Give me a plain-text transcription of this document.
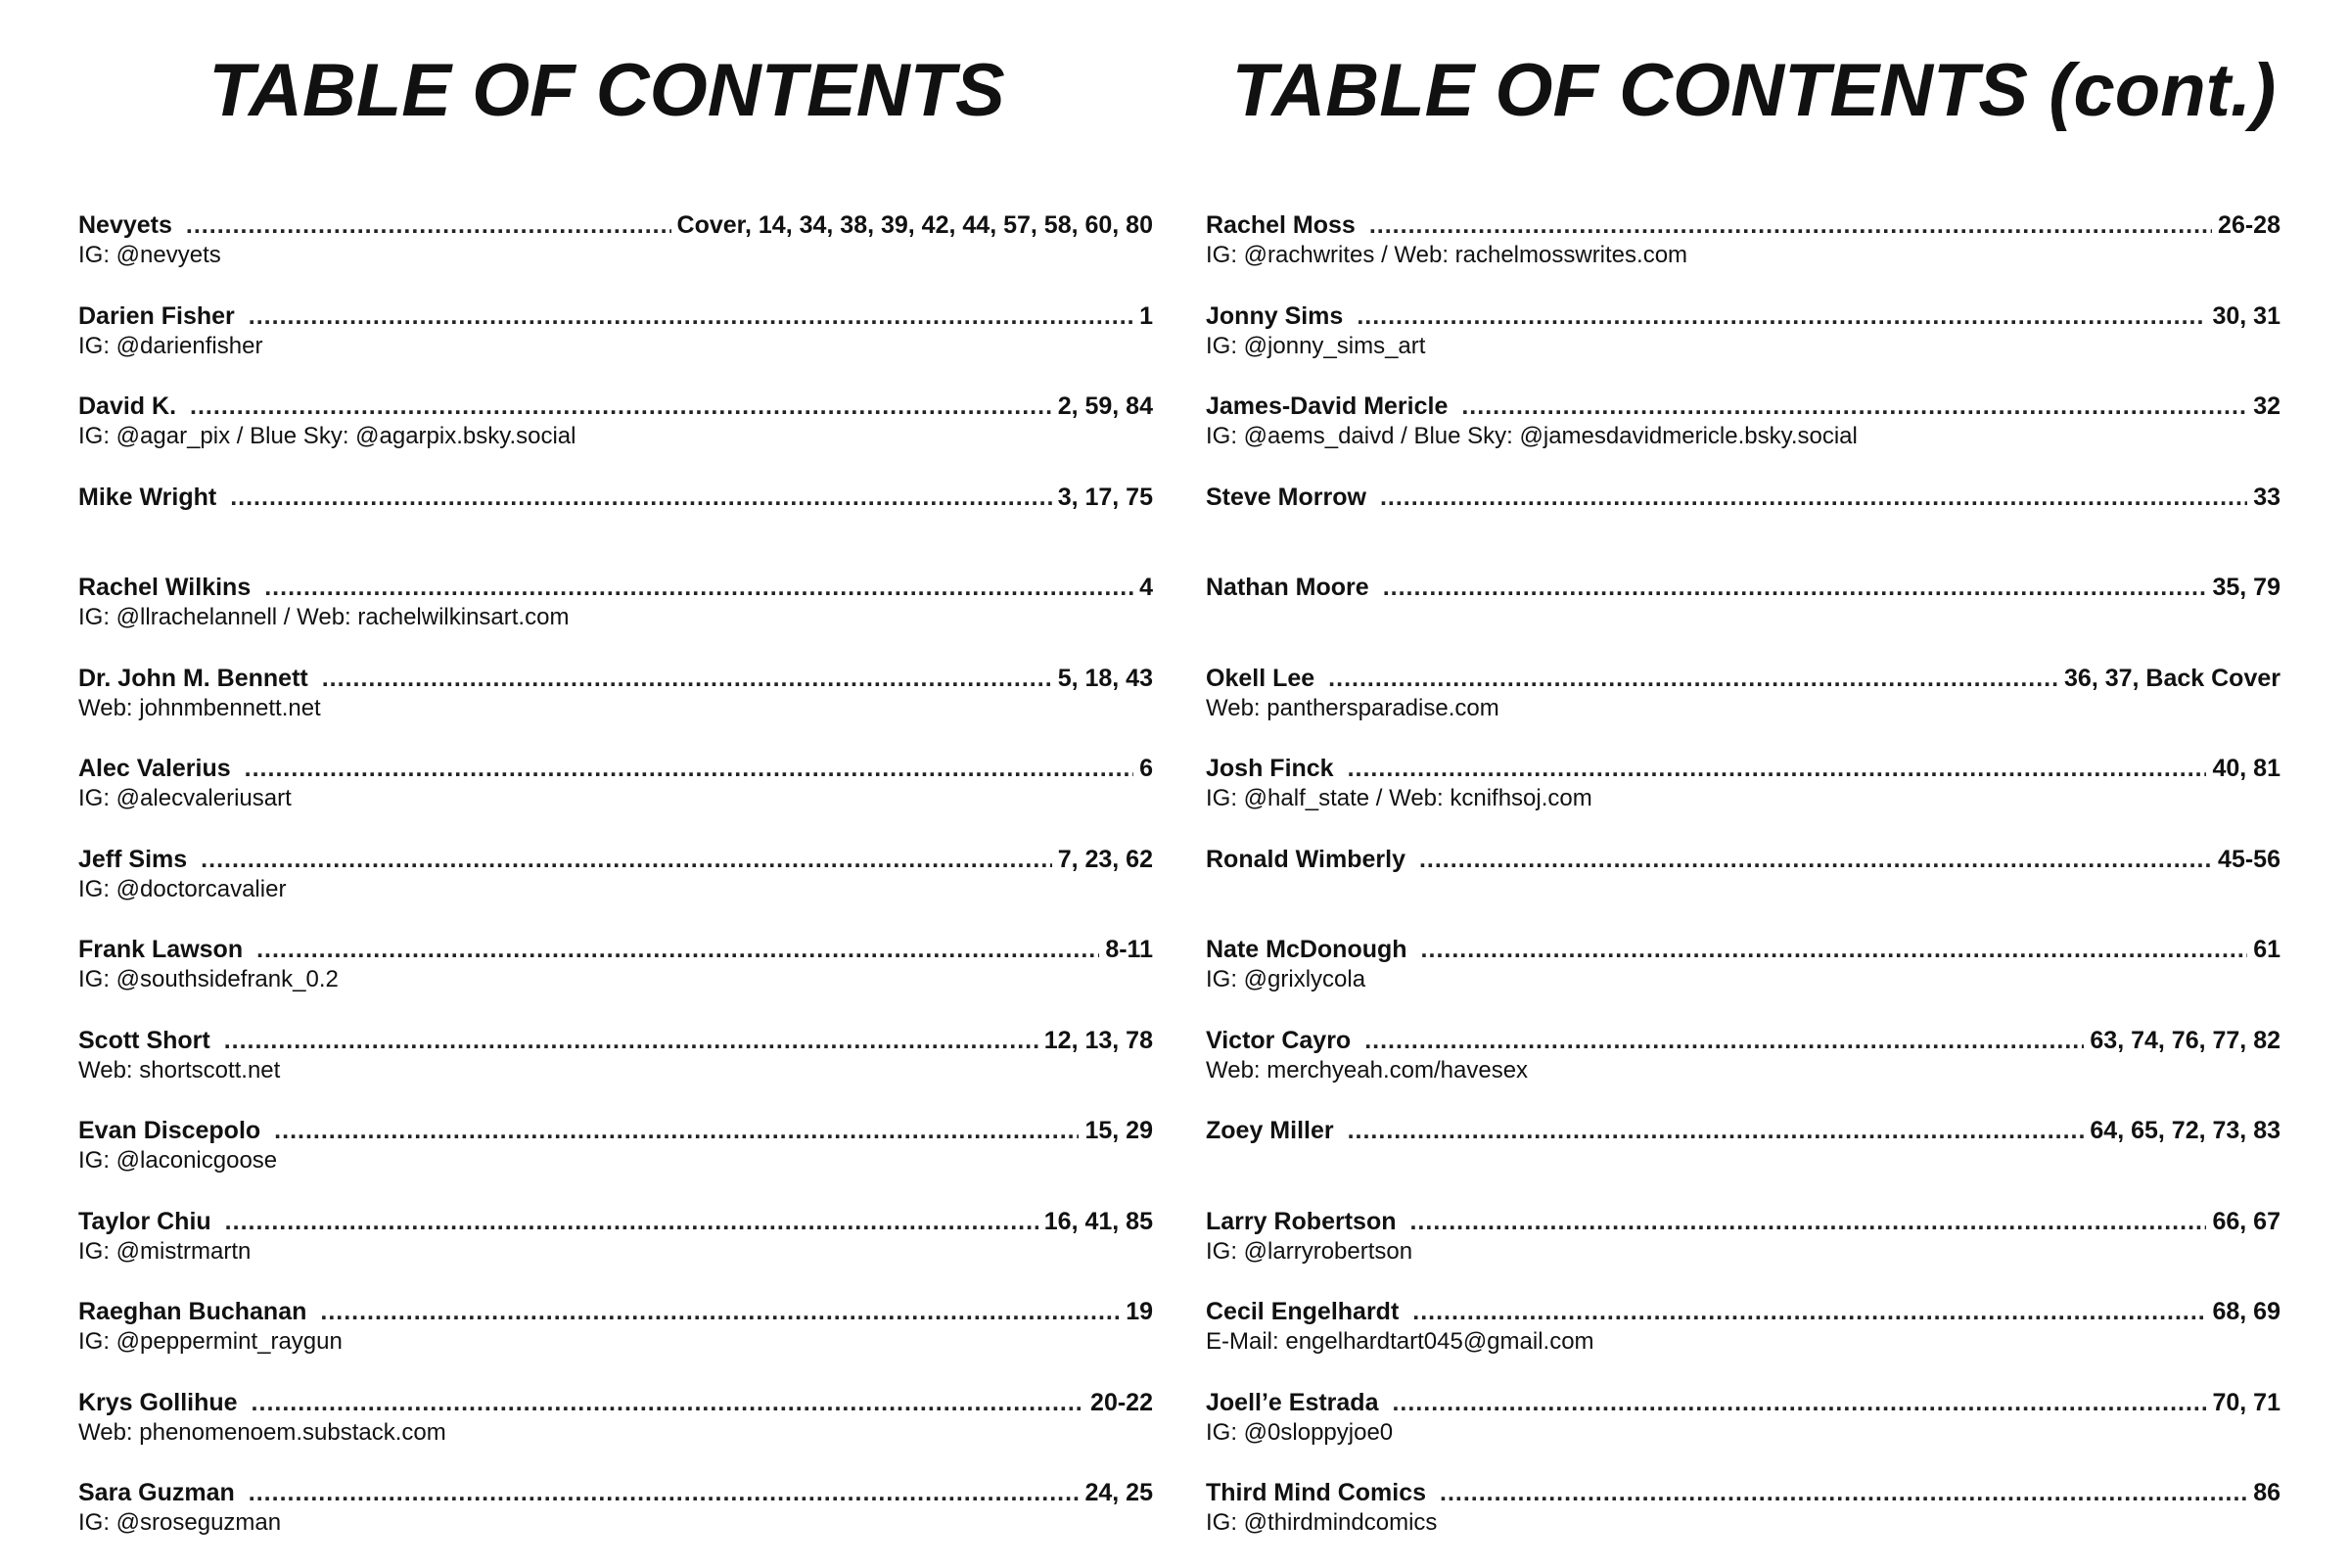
TABLE OF CONTENTS
Nevyets .....	Cover, 14, 34, 38, 39, 42, 44, 57, 58, 60, 80
IG: @nevyets
Darien Fisher .....	1
IG: @darienfisher
David K. .....	2, 59, 84
IG: @agar_pix / Blue Sky: @agarpix.bsky.social
Mike Wright .....	3, 17, 75
Rachel Wilkins .....	4
IG: @llrachelannell / Web: rachelwilkinsart.com
Dr. John M. Bennett .....	5, 18, 43
Web: johnmbennett.net
Alec Valerius .....	6
IG: @alecvaleriusart
Jeff Sims .....	7, 23, 62
IG: @doctorcavalier
Frank Lawson .....	8-11
IG: @southsidefrank_0.2
Scott Short .....	12, 13, 78
Web: shortscott.net
Evan Discepolo .....	15, 29
IG: @laconicgoose
Taylor Chiu .....	16, 41, 85
IG: @mistrmartn
Raeghan Buchanan .....	19
IG: @peppermint_raygun
Krys Gollihue .....	20-22
Web: phenomenoem.substack.com
Sara Guzman .....	24, 25
IG: @sroseguzman
TABLE OF CONTENTS (cont.)
Rachel Moss .....	26-28
IG: @rachwrites / Web: rachelmosswrites.com
Jonny Sims .....	30, 31
IG: @jonny_sims_art
James-David Mericle .....	32
IG: @aems_daivd / Blue Sky: @jamesdavidmericle.bsky.social
Steve Morrow .....	33
Nathan Moore .....	35, 79
Okell Lee .....	36, 37, Back Cover
Web: panthersparadise.com
Josh Finck .....	40, 81
IG: @half_state / Web: kcnifhsoj.com
Ronald Wimberly .....	45-56
Nate McDonough .....	61
IG: @grixlycola
Victor Cayro .....	63, 74, 76, 77, 82
Web: merchyeah.com/havesex
Zoey Miller .....	64, 65, 72, 73, 83
Larry Robertson .....	66, 67
IG: @larryrobertson
Cecil Engelhardt .....	68, 69
E-Mail: engelhardtart045@gmail.com
Joell’e Estrada .....	70, 71
IG: @0sloppyjoe0
Third Mind Comics .....	86
IG: @thirdmindcomics
